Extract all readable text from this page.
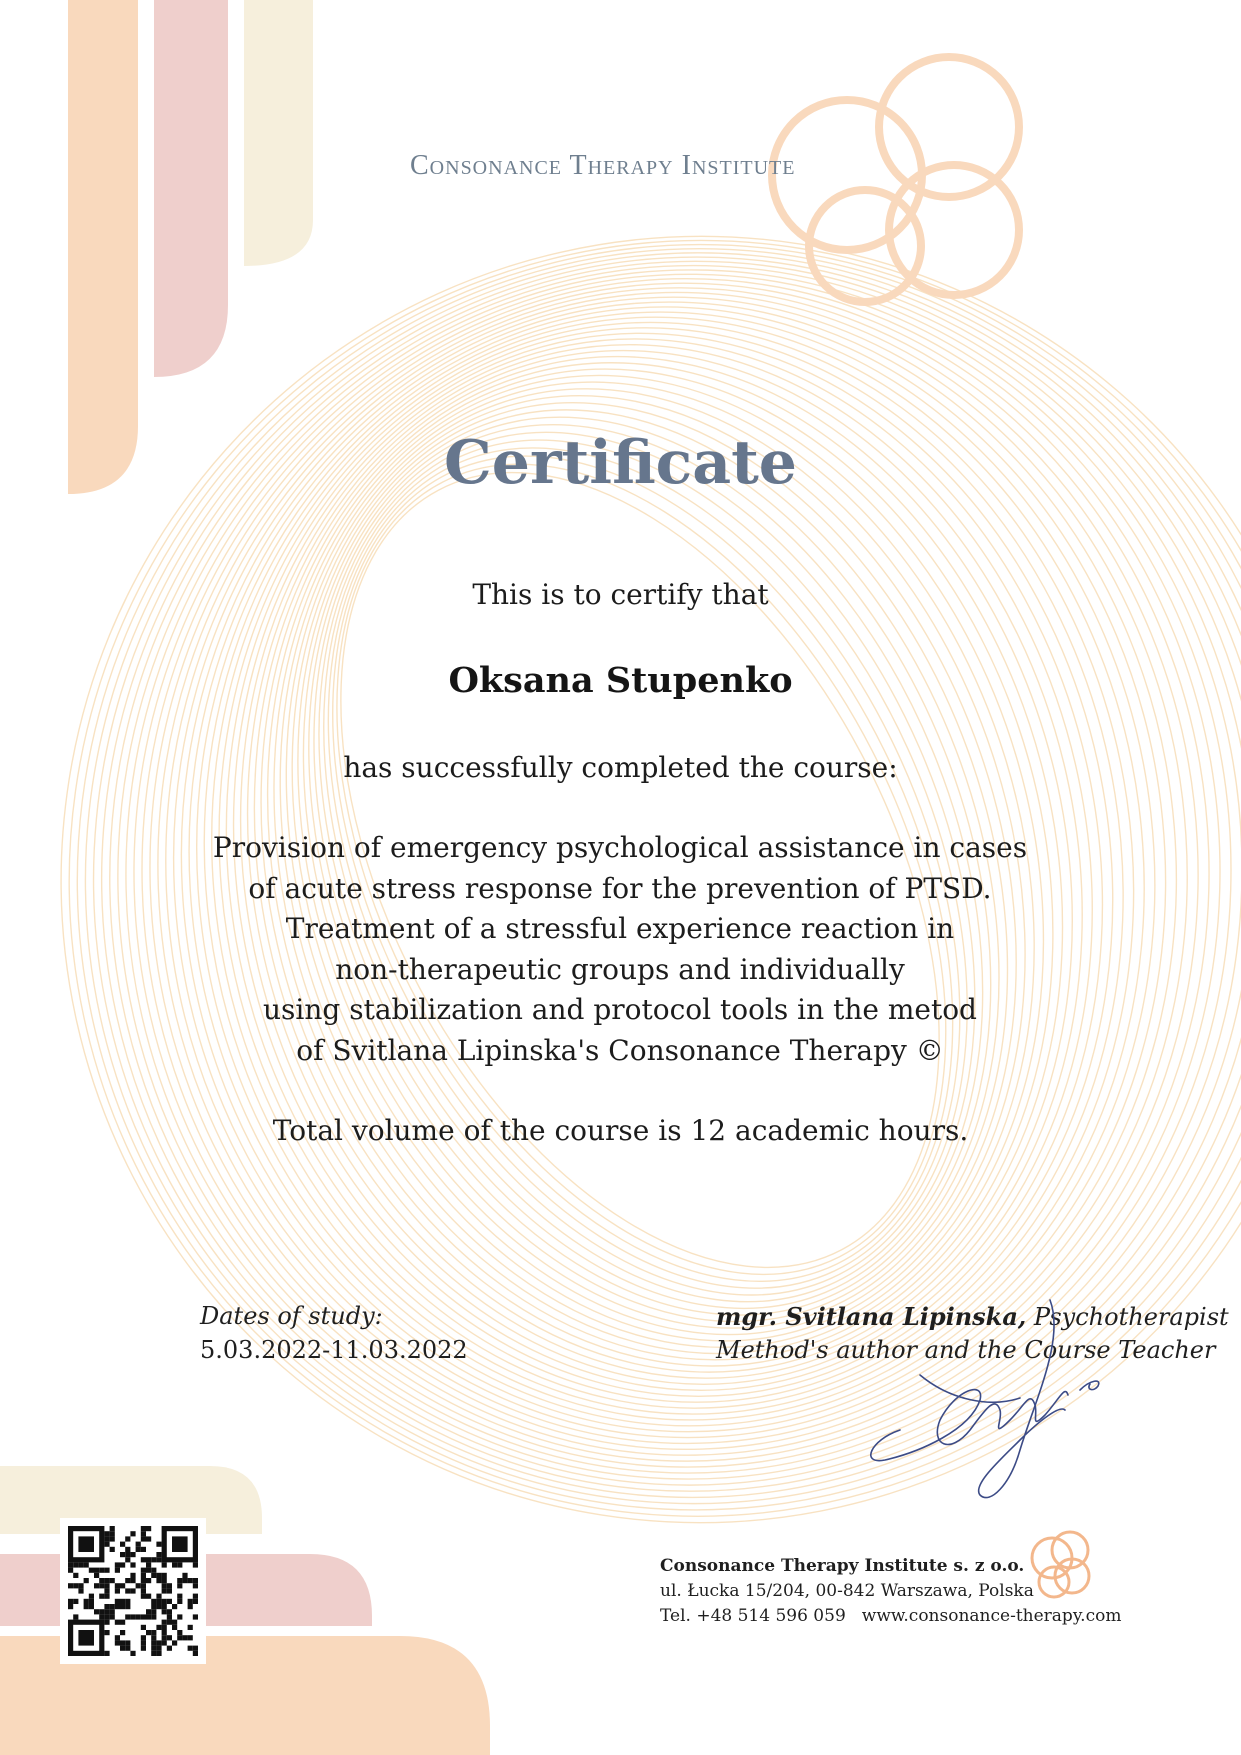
Consonance Therapy Institute
Certificate
This is to certify that
Oksana Stupenko
has successfully completed the course:
Provision of emergency psychological assistance in cases
of acute stress response for the prevention of PTSD.
Treatment of a stressful experience reaction in
non-therapeutic groups and individually
using stabilization and protocol tools in the metod
of Svitlana Lipinska's Consonance Therapy ©
Total volume of the course is 12 academic hours.
Dates of study:
5.03.2022-11.03.2022
mgr. Svitlana Lipinska, Psychotherapist
Method's author and the Course Teacher
Consonance Therapy Institute s. z o.o.
ul. Łucka 15/204, 00-842 Warszawa, Polska
Tel. +48 514 596 059 www.consonance-therapy.com
